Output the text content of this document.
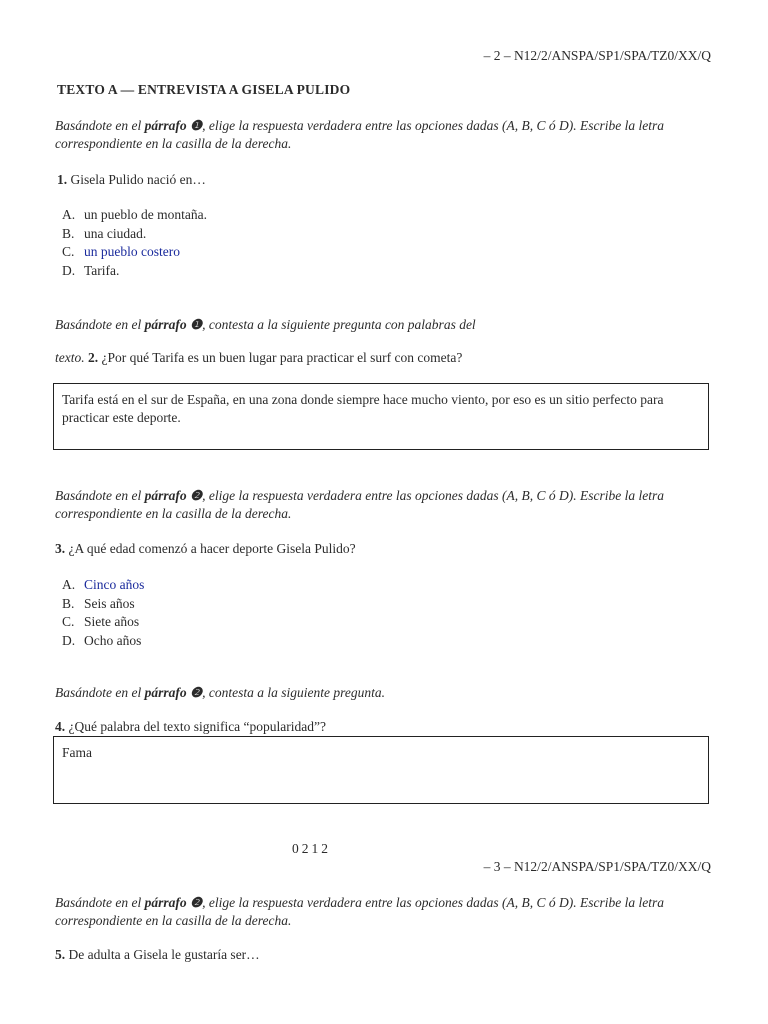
– 2 – N12/2/ANSPA/SP1/SPA/TZ0/XX/Q
TEXTO A — ENTREVISTA A GISELA PULIDO
Basándote en el párrafo ❶, elige la respuesta verdadera entre las opciones dadas (A, B, C ó D). Escribe la letra correspondiente en la casilla de la derecha.
1. Gisela Pulido nació en…
A. un pueblo de montaña.
B. una ciudad.
C. un pueblo costero
D. Tarifa.
Basándote en el párrafo ❶, contesta a la siguiente pregunta con palabras del
texto. 2. ¿Por qué Tarifa es un buen lugar para practicar el surf con cometa?
Tarifa está en el sur de España, en una zona donde siempre hace mucho viento, por eso es un sitio perfecto para practicar este deporte.
Basándote en el párrafo ❷, elige la respuesta verdadera entre las opciones dadas (A, B, C ó D). Escribe la letra correspondiente en la casilla de la derecha.
3. ¿A qué edad comenzó a hacer deporte Gisela Pulido?
A. Cinco años
B. Seis años
C. Siete años
D. Ocho años
Basándote en el párrafo ❷, contesta a la siguiente pregunta.
4. ¿Qué palabra del texto significa “popularidad”?
Fama
0212
– 3 – N12/2/ANSPA/SP1/SPA/TZ0/XX/Q
Basándote en el párrafo ❷, elige la respuesta verdadera entre las opciones dadas (A, B, C ó D). Escribe la letra correspondiente en la casilla de la derecha.
5. De adulta a Gisela le gustaría ser…
